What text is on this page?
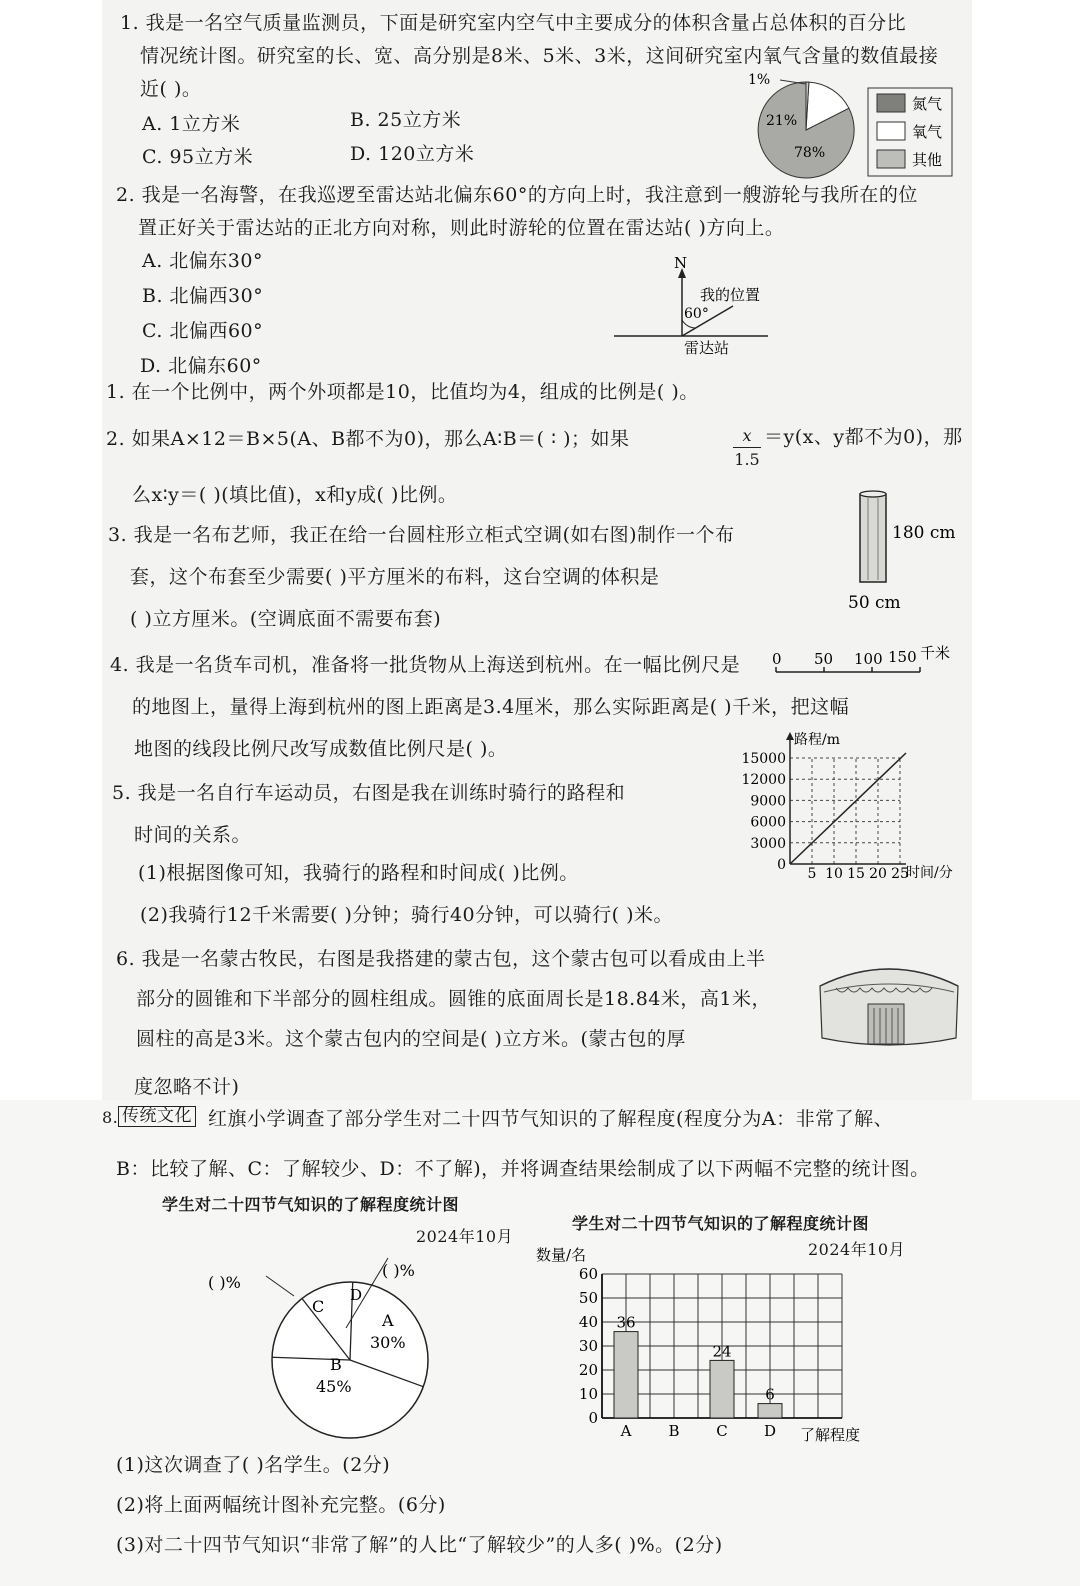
1. 我是一名空气质量监测员，下面是研究室内空气中主要成分的体积含量占总体积的百分比
情况统计图。研究室的长、宽、高分别是8米、5米、3米，这间研究室内氧气含量的数值最接
近( )。
A. 1立方米	B. 25立方米
C. 95立方米	D. 120立方米
1%
21%
78%
氮气
氧气
其他
2. 我是一名海警，在我巡逻至雷达站北偏东60°的方向上时，我注意到一艘游轮与我所在的位
置正好关于雷达站的正北方向对称，则此时游轮的位置在雷达站( )方向上。
A. 北偏东30°
B. 北偏西30°
C. 北偏西60°
D. 北偏东60°
N
60°
我的位置
雷达站
1. 在一个比例中，两个外项都是10，比值均为4，组成的比例是( )。
2. 如果A×12＝B×5(A、B都不为0)，那么A∶B＝( ∶ )；如果	x
1.5
＝y(x、y都不为0)，那
么x∶y＝( )(填比值)，x和y成( )比例。
3. 我是一名布艺师，我正在给一台圆柱形立柜式空调(如右图)制作一个布
套，这个布套至少需要( )平方厘米的布料，这台空调的体积是
( )立方厘米。(空调底面不需要布套)
180 cm
50 cm
4. 我是一名货车司机，准备将一批货物从上海送到杭州。在一幅比例尺是 0 50 100 150 千米
的地图上，量得上海到杭州的图上距离是3.4厘米，那么实际距离是( )千米，把这幅
地图的线段比例尺改写成数值比例尺是( )。
5. 我是一名自行车运动员，右图是我在训练时骑行的路程和
时间的关系。
(1)根据图像可知，我骑行的路程和时间成( )比例。
(2)我骑行12千米需要( )分钟；骑行40分钟，可以骑行( )米。
路程/m
时间/分
15000
12000
9000
6000
3000
0
5 10 15 20 25
6. 我是一名蒙古牧民，右图是我搭建的蒙古包，这个蒙古包可以看成由上半
部分的圆锥和下半部分的圆柱组成。圆锥的底面周长是18.84米，高1米，
圆柱的高是3米。这个蒙古包内的空间是( )立方米。(蒙古包的厚
度忽略不计)
8. 传统文化 红旗小学调查了部分学生对二十四节气知识的了解程度(程度分为A：非常了解、
B：比较了解、C：了解较少、D：不了解)，并将调查结果绘制成了以下两幅不完整的统计图。
学生对二十四节气知识的了解程度统计图
2024年10月
学生对二十四节气知识的了解程度统计图
2024年10月
( )%
( )%
A
30%
B
45%
C
D
数量/名
0
10
20
30
40
50
60
36
24
6
A B C D 了解程度
(1)这次调查了( )名学生。(2分)
(2)将上面两幅统计图补充完整。(6分)
(3)对二十四节气知识“非常了解”的人比“了解较少”的人多( )%。(2分)
